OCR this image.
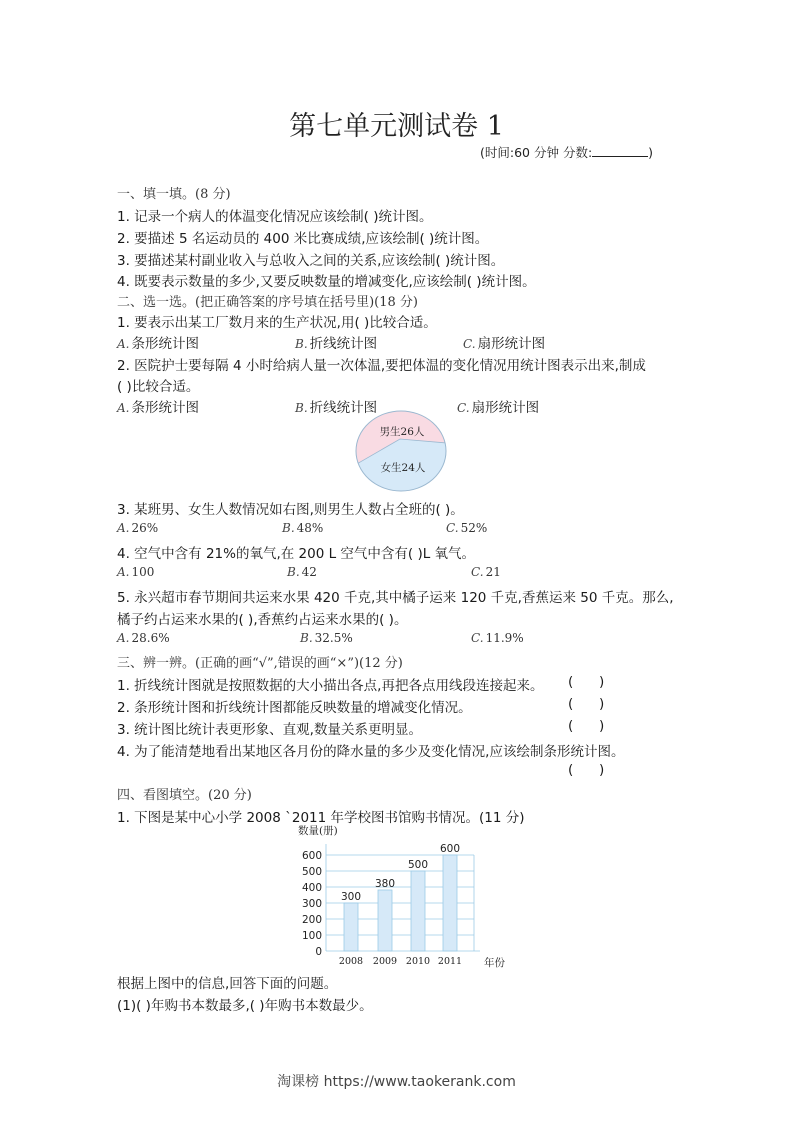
第七单元测试卷 1
(时间:60 分钟 分数:	)
一、填一填。(8 分)
1. 记录一个病人的体温变化情况应该绘制( )统计图。
2. 要描述 5 名运动员的 400 米比赛成绩,应该绘制( )统计图。
3. 要描述某村副业收入与总收入之间的关系,应该绘制( )统计图。
4. 既要表示数量的多少,又要反映数量的增减变化,应该绘制( )统计图。
二、选一选。(把正确答案的序号填在括号里)(18 分)
1. 要表示出某工厂数月来的生产状况,用( )比较合适。
A. 条形统计图	B. 折线统计图	C. 扇形统计图
2. 医院护士要每隔 4 小时给病人量一次体温,要把体温的变化情况用统计图表示出来,制成
( )比较合适。
A. 条形统计图	B. 折线统计图	C. 扇形统计图
男生26人
女生24人
3. 某班男、女生人数情况如右图,则男生人数占全班的( )。
A. 26%	B. 48%	C. 52%
4. 空气中含有 21%的氧气,在 200 L 空气中含有( )L 氧气。
A. 100	B. 42	C. 21
5. 永兴超市春节期间共运来水果 420 千克,其中橘子运来 120 千克,香蕉运来 50 千克。那么,
橘子约占运来水果的( ),香蕉约占运来水果的( )。
A. 28.6%	B. 32.5%	C. 11.9%
三、辨一辨。(正确的画“√”,错误的画“×”)(12 分)
1. 折线统计图就是按照数据的大小描出各点,再把各点用线段连接起来。 (      )
2. 条形统计图和折线统计图都能反映数量的增减变化情况。	(      )
3. 统计图比统计表更形象、直观,数量关系更明显。	(      )
4. 为了能清楚地看出某地区各月份的降水量的多少及变化情况,应该绘制条形统计图。
(      )
四、看图填空。(20 分)
1. 下图是某中心小学 2008 ˋ2011 年学校图书馆购书情况。(11 分)
数量(册)
600
500
400
300
200
100
0
300
380
500
600
2008 2009 2010 2011 年份
根据上图中的信息,回答下面的问题。
(1)( )年购书本数最多,( )年购书本数最少。
淘课榜 https://www.taokerank.com
